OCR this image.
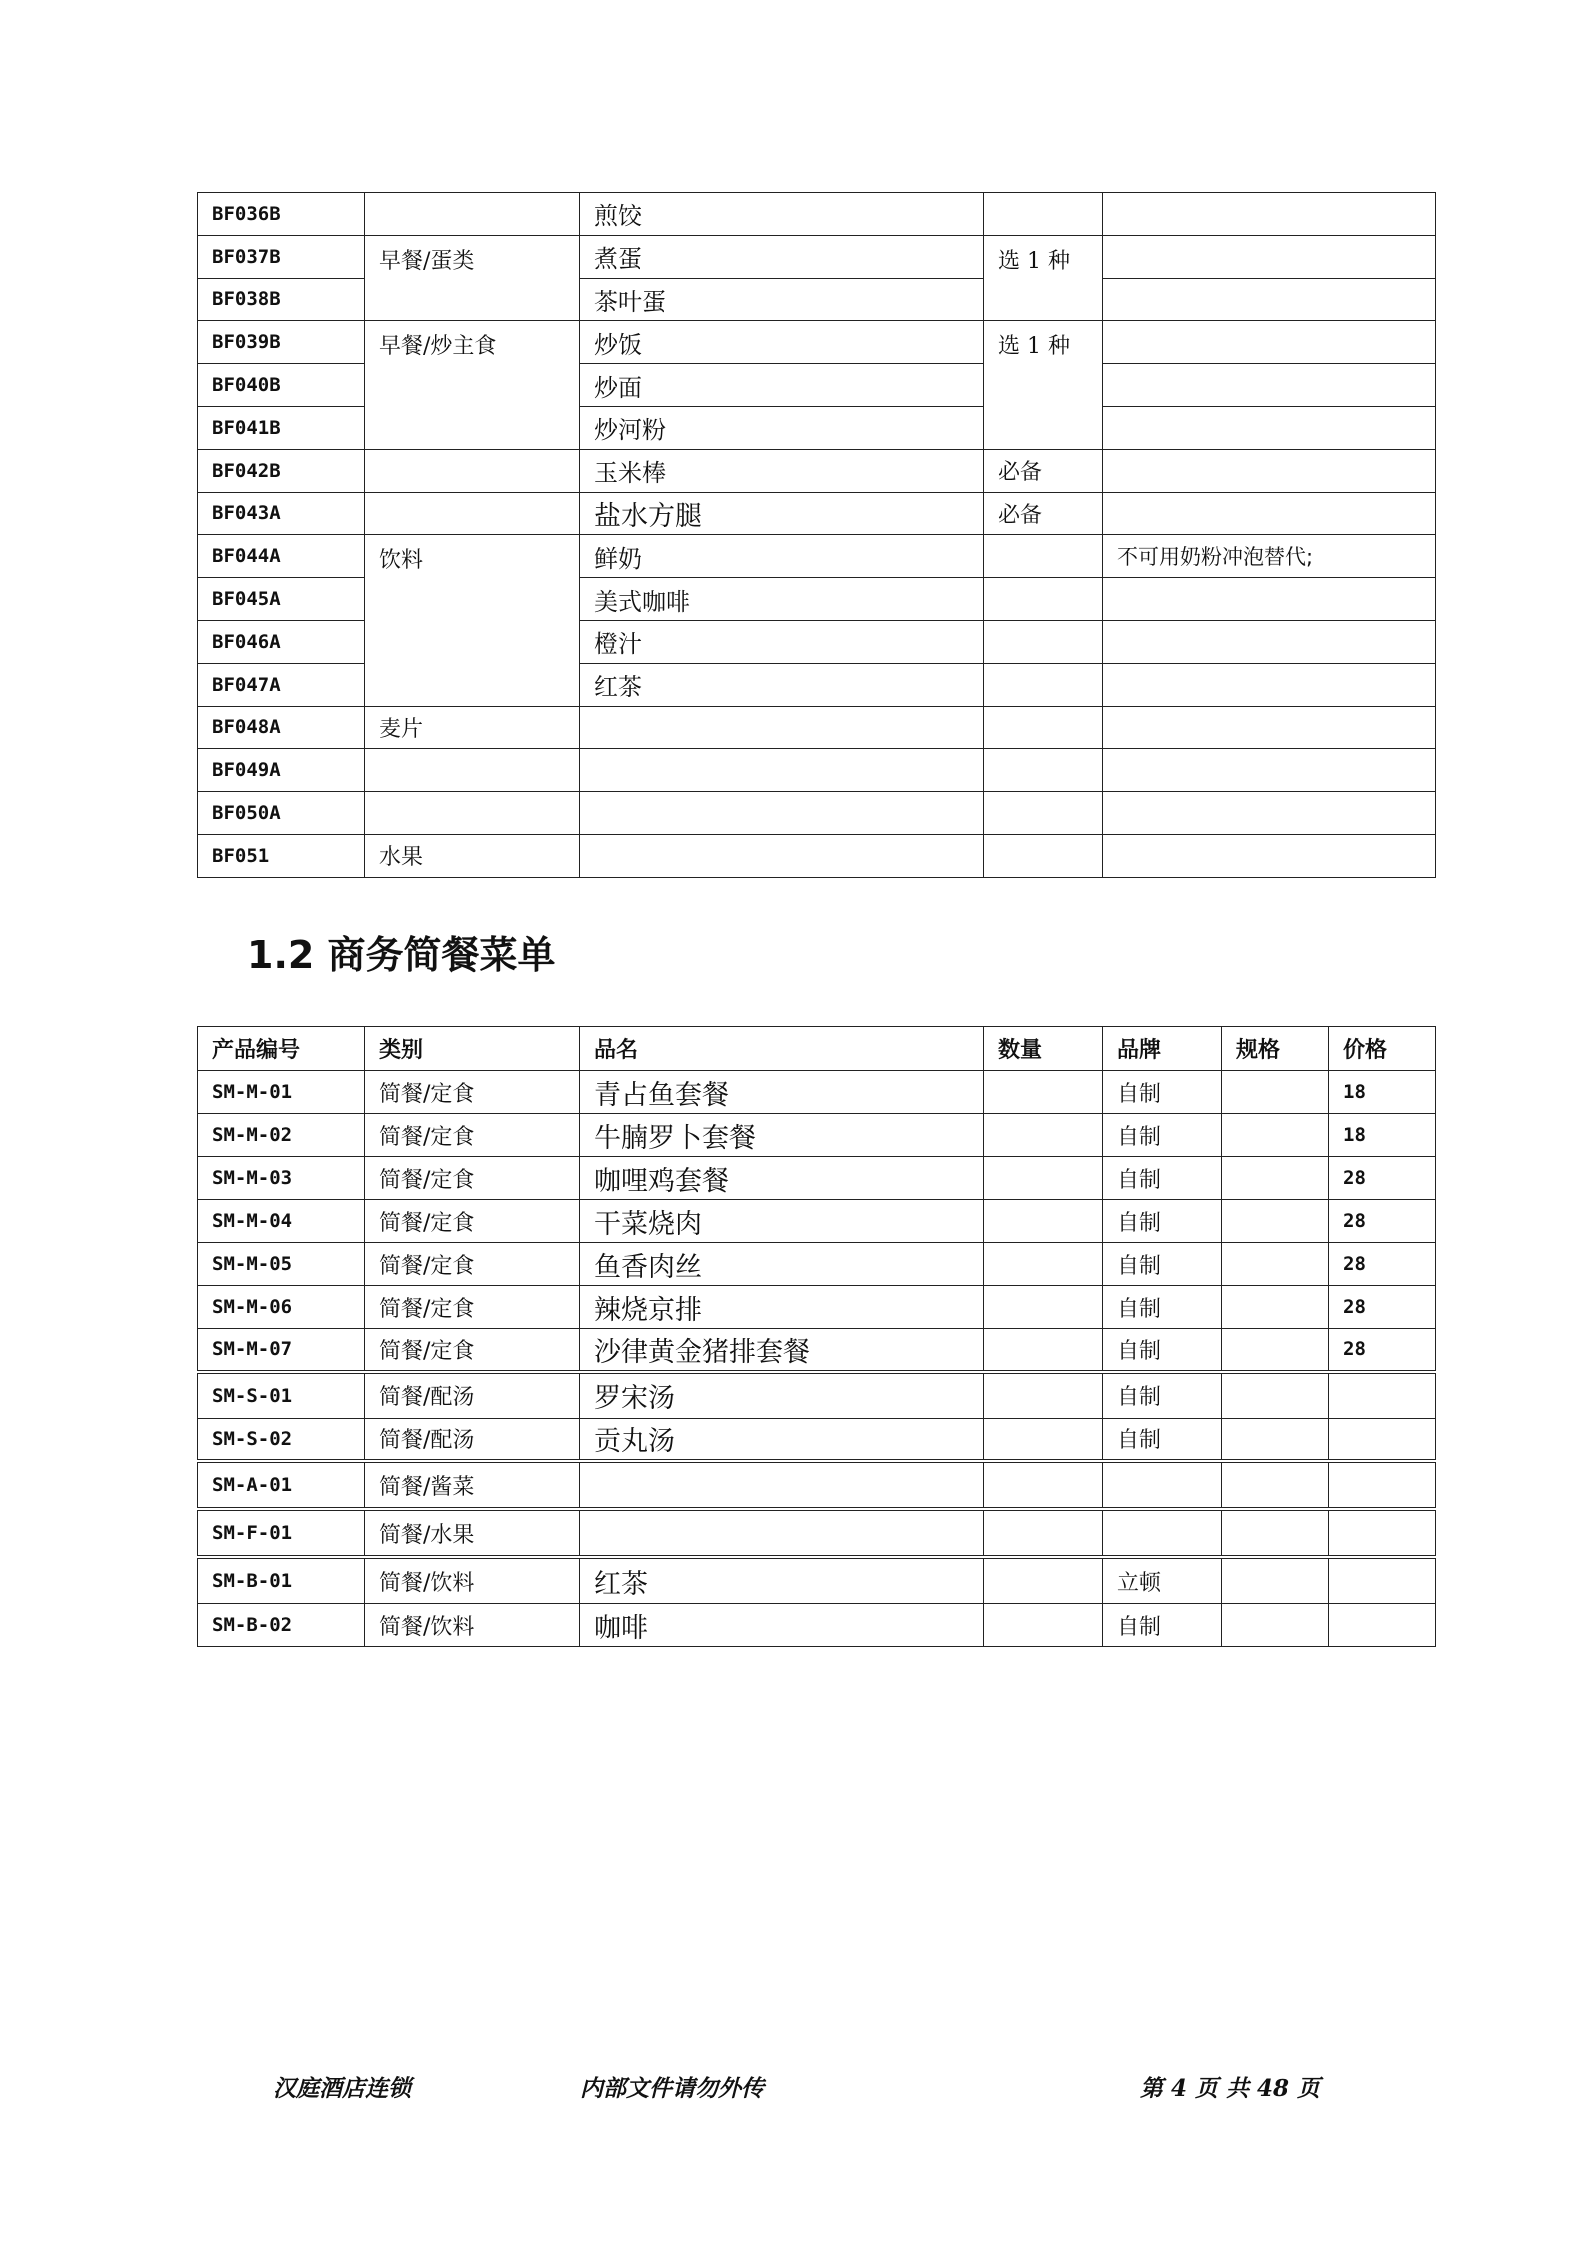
BF036B		煎饺		
BF037B	早餐/蛋类	煮蛋	选 1 种	
BF038B		茶叶蛋		
BF039B	早餐/炒主食	炒饭	选 1 种	
BF040B		炒面		
BF041B		炒河粉		
BF042B		玉米棒	必备	
BF043A		盐水方腿	必备	
BF044A	饮料	鲜奶		不可用奶粉冲泡替代;
BF045A		美式咖啡		
BF046A		橙汁		
BF047A		红茶		
BF048A	麦片			
BF049A				
BF050A				
BF051	水果			
1.2 商务简餐菜单
产品编号	类别	品名	数量	品牌	规格	价格
SM-M-01	简餐/定食	青占鱼套餐		自制		18
SM-M-02	简餐/定食	牛腩罗卜套餐		自制		18
SM-M-03	简餐/定食	咖哩鸡套餐		自制		28
SM-M-04	简餐/定食	干菜烧肉		自制		28
SM-M-05	简餐/定食	鱼香肉丝		自制		28
SM-M-06	简餐/定食	辣烧京排		自制		28
SM-M-07	简餐/定食	沙律黄金猪排套餐		自制		28
SM-S-01	简餐/配汤	罗宋汤		自制		
SM-S-02	简餐/配汤	贡丸汤		自制		
SM-A-01	简餐/酱菜					
SM-F-01	简餐/水果					
SM-B-01	简餐/饮料	红茶		立顿		
SM-B-02	简餐/饮料	咖啡		自制		
汉庭酒店连锁	内部文件请勿外传	第 4 页 共 48 页
